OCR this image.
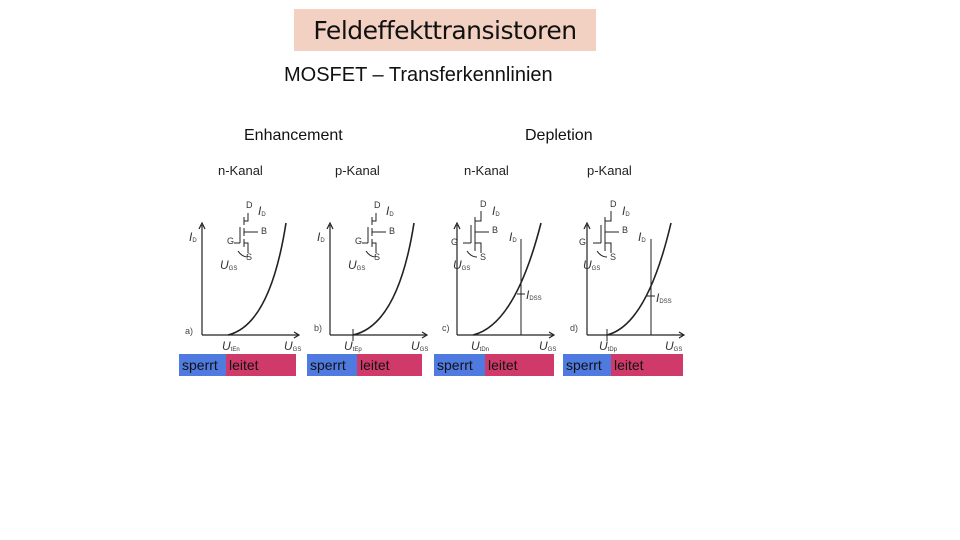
Feldeffekttransistoren
MOSFET – Transferkennlinien
Enhancement	Depletion
n-Kanal
D $I_D$
G
B
S
$U_{GS}$
$I_D$
a)
$U_{tEn}$	$U_{GS}$
sperrt leitet
p-Kanal
D $I_D$
G
B
S
$U_{GS}$
$I_D$
b)
$U_{tEp}$	$U_{GS}$
sperrt	leitet
n-Kanal
D $I_D$
G
B
S
$U_{GS}$
$I_D$
$I_{DSS}$
c)
$U_{tDn}$	$U_{GS}$
sperrt	leitet
p-Kanal
D $I_D$
G
B
S
$U_{GS}$
$I_D$
$I_{DSS}$
d)
$U_{tDp}$	$U_{GS}$
sperrt leitet
